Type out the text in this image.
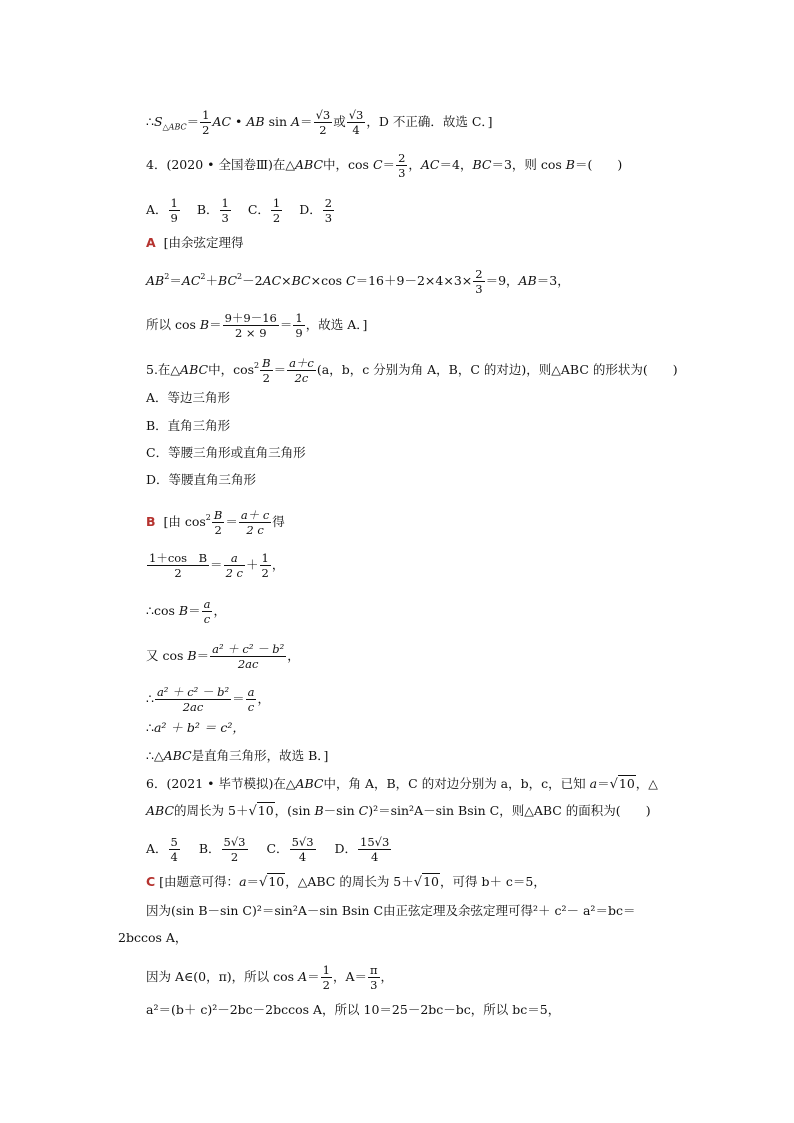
$\therefore S_{\triangle ABC}= \frac{1}{2}$ AC • AB $\sin A= \frac{√3}{2}$ 或 $\frac{√3}{4}$ ，D 不正确．故选 C．]
4．(2020 • 全国卷Ⅲ)在△ABC中，$\cos C= \frac{2}{3}$ ，AC＝4，BC＝3，则 cos B＝(　　)
A． $\frac{1}{9}$ B． $\frac{1}{3}$ C． $\frac{1}{2}$ D． $\frac{2}{3}$
A [由余弦定理得
$AB^2=AC^2+BC^2-2AC\times BC\times\cos$ $C=16+9-2\times 4\times 3\times \frac{2}{3} =9$，AB＝3，
所以 $\cos B= \frac{9+9-16}{2 \times 9} = \frac{1}{9}$ ，故选 A．]
5.在△ABC中，$\cos^2 \frac{B}{2} = \frac{a+c}{2c} (a$，b，c 分别为角 A，B，C 的对边)，则△ABC 的形状为(　　)
A．等边三角形
B．直角三角形
C．等腰三角形或直角三角形
D．等腰直角三角形
B [由 $\cos^2 \frac{B}{2} = \frac{a+ c}{2 c}$ 得
$\frac{\text{1＋cos　B}}{2} = \frac{a}{2 c} + \frac{1}{2}$ ，
∴cos $B= \frac{a}{c}$ ，
又 $\cos B= \frac{\text{a² ＋ c² － b²}}{2ac}$ ，
∴ $\frac{\text{a² ＋ c² － b²}}{2ac} = \frac{a}{c}$ ，
∴a² ＋ b² ＝ c²，
∴△ABC是直角三角形，故选 B．]
6．(2021 • 毕节模拟)在△ABC中，角 A，B，C 的对边分别为 a，b，c，已知 a＝√10，△
ABC的周长为 5＋√10，(sin B－sin C)²＝sin²A－sin Bsin C，则△ABC 的面积为(　　)
A． $\frac{5}{4}$ B． $\frac{5√3}{2}$ C． $\frac{5√3}{4}$ D． $\frac{15√3}{4}$
C [由题意可得：a＝√10，△ABC 的周长为 5＋√10，可得 b＋ c＝5，
因为(sin B－sin C)²＝sin²A－sin Bsin C由正弦定理及余弦定理可得²＋ c²－ a²＝bc＝
2bccos A，
因为 A∈(0，π)，所以 $\cos A= \frac{1}{2}$ ，$A= \frac{\pi}{3}$ ，
a²＝(b＋ c)²－2bc－2bccos A，所以 10＝25－2bc－bc，所以 bc＝5，
